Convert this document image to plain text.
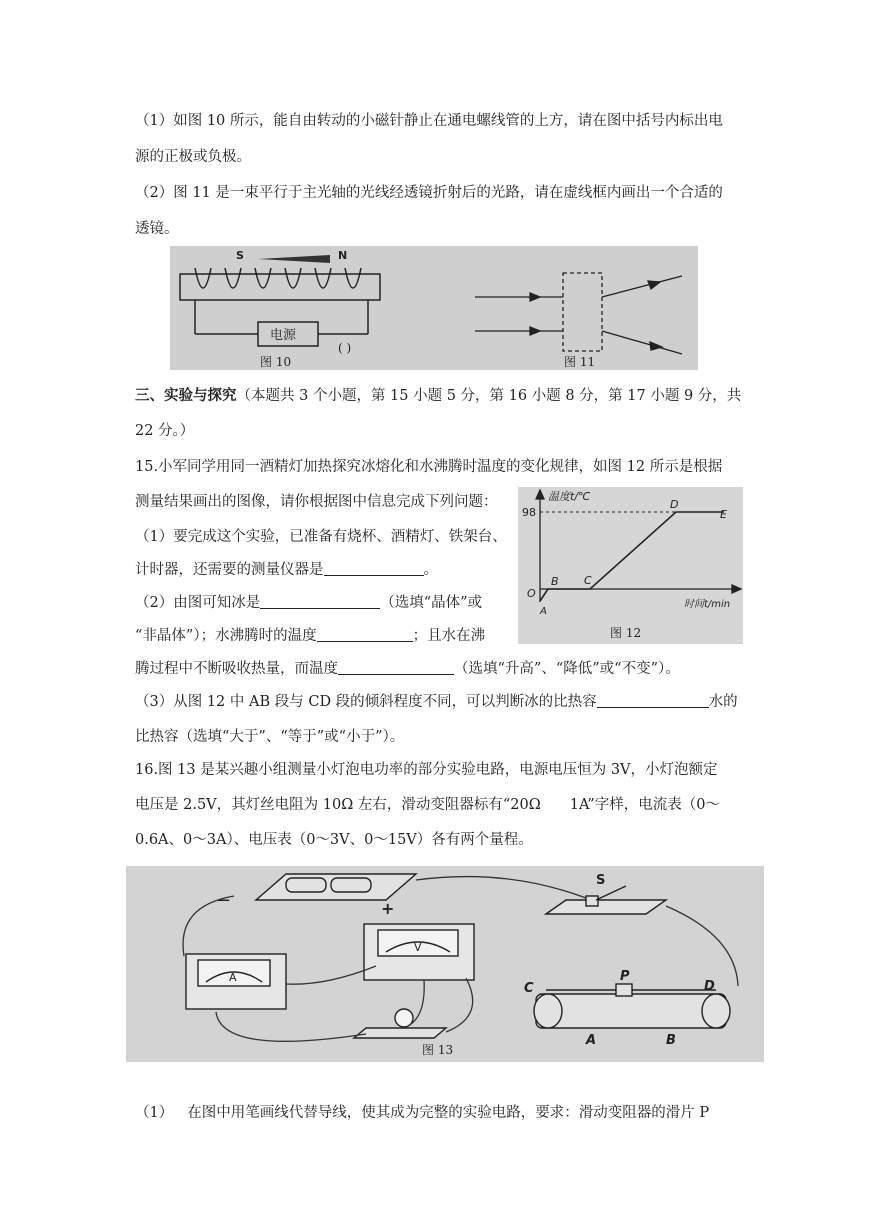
（1）如图 10 所示，能自由转动的小磁针静止在通电螺线管的上方，请在图中括号内标出电
源的正极或负极。
（2）图 11 是一束平行于主光轴的光线经透镜折射后的光路，请在虚线框内画出一个合适的
透镜。
S	N
电源
( )
图 10	图 11
三、实验与探究（本题共 3 个小题，第 15 小题 5 分，第 16 小题 8 分，第 17 小题 9 分，共
22 分。）
15.小军同学用同一酒精灯加热探究冰熔化和水沸腾时温度的变化规律，如图 12 所示是根据
测量结果画出的图像，请你根据图中信息完成下列问题：
（1）要完成这个实验，已准备有烧杯、酒精灯、铁架台、
计时器，还需要的测量仪器是	。
（2）由图可知冰是	（选填“晶体”或
“非晶体”）；水沸腾时的温度	；且水在沸
腾过程中不断吸收热量，而温度	（选填“升高”、“降低”或“不变”）。
（3）从图 12 中 AB 段与 CD 段的倾斜程度不同，可以判断冰的比热容	水的
比热容（选填“大于”、“等于”或“小于”）。
温度t/℃
时间t/min
98
O
A
B C
D
E
图 12
16.图 13 是某兴趣小组测量小灯泡电功率的部分实验电路，电源电压恒为 3V，小灯泡额定
电压是 2.5V，其灯丝电阻为 10Ω 左右，滑动变阻器标有“20Ω　　1A”字样，电流表（0～
0.6A、0～3A）、电压表（0～3V、0～15V）各有两个量程。
−	+
S
A
V
C
P
D
A	B
图 13
（1） 在图中用笔画线代替导线，使其成为完整的实验电路，要求：滑动变阻器的滑片 P
